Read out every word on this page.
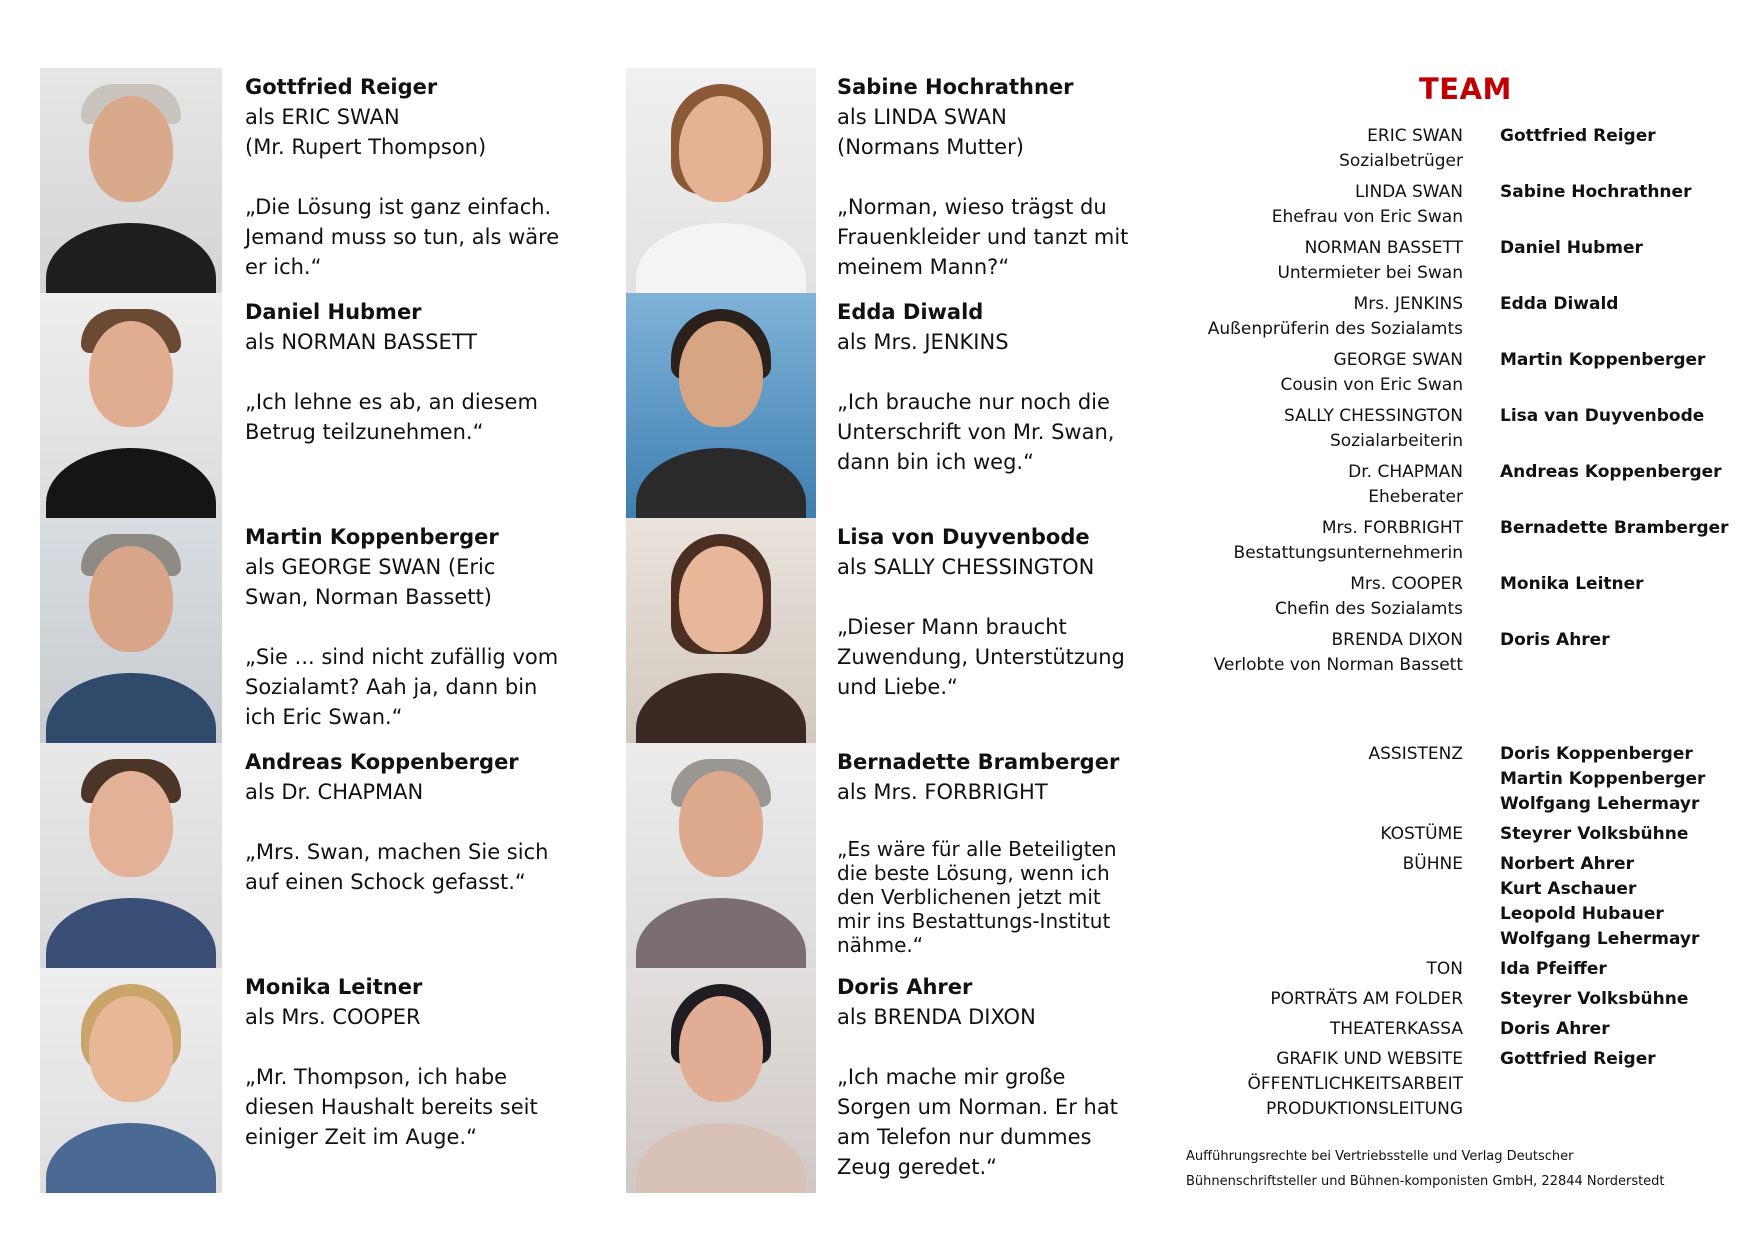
Gottfried Reiger
als ERIC SWAN
(Mr. Rupert Thompson)
„Die Lösung ist ganz einfach.
Jemand muss so tun, als wäre
er ich.“
Daniel Hubmer
als NORMAN BASSETT
„Ich lehne es ab, an diesem
Betrug teilzunehmen.“
Martin Koppenberger
als GEORGE SWAN (Eric
Swan, Norman Bassett)
„Sie ... sind nicht zufällig vom
Sozialamt? Aah ja, dann bin
ich Eric Swan.“
Andreas Koppenberger
als Dr. CHAPMAN
„Mrs. Swan, machen Sie sich
auf einen Schock gefasst.“
Monika Leitner
als Mrs. COOPER
„Mr. Thompson, ich habe
diesen Haushalt bereits seit
einiger Zeit im Auge.“
Sabine Hochrathner
als LINDA SWAN
(Normans Mutter)
„Norman, wieso trägst du
Frauenkleider und tanzt mit
meinem Mann?“
Edda Diwald
als Mrs. JENKINS
„Ich brauche nur noch die
Unterschrift von Mr. Swan,
dann bin ich weg.“
Lisa von Duyvenbode
als SALLY CHESSINGTON
„Dieser Mann braucht
Zuwendung, Unterstützung
und Liebe.“
Bernadette Bramberger
als Mrs. FORBRIGHT
„Es wäre für alle Beteiligten
die beste Lösung, wenn ich
den Verblichenen jetzt mit
mir ins Bestattungs-Institut
nähme.“
Doris Ahrer
als BRENDA DIXON
„Ich mache mir große
Sorgen um Norman. Er hat
am Telefon nur dummes
Zeug geredet.“
TEAM
ERIC SWAN
Sozialbetrüger
Gottfried Reiger
LINDA SWAN
Ehefrau von Eric Swan
Sabine Hochrathner
NORMAN BASSETT
Untermieter bei Swan
Daniel Hubmer
Mrs. JENKINS
Außenprüferin des Sozialamts
Edda Diwald
GEORGE SWAN
Cousin von Eric Swan
Martin Koppenberger
SALLY CHESSINGTON
Sozialarbeiterin
Lisa van Duyvenbode
Dr. CHAPMAN
Eheberater
Andreas Koppenberger
Mrs. FORBRIGHT
Bestattungsunternehmerin
Bernadette Bramberger
Mrs. COOPER
Chefin des Sozialamts
Monika Leitner
BRENDA DIXON
Verlobte von Norman Bassett
Doris Ahrer
ASSISTENZ Doris Koppenberger
Martin Koppenberger
Wolfgang Lehermayr
KOSTÜME Steyrer Volksbühne
BÜHNE Norbert Ahrer
Kurt Aschauer
Leopold Hubauer
Wolfgang Lehermayr
TON Ida Pfeiffer
PORTRÄTS AM FOLDER Steyrer Volksbühne
THEATERKASSA Doris Ahrer
GRAFIK UND WEBSITE
ÖFFENTLICHKEITSARBEIT
PRODUKTIONSLEITUNG
Gottfried Reiger
Aufführungsrechte bei Vertriebsstelle und Verlag Deutscher
Bühnenschriftsteller und Bühnen-komponisten GmbH, 22844 Norderstedt
